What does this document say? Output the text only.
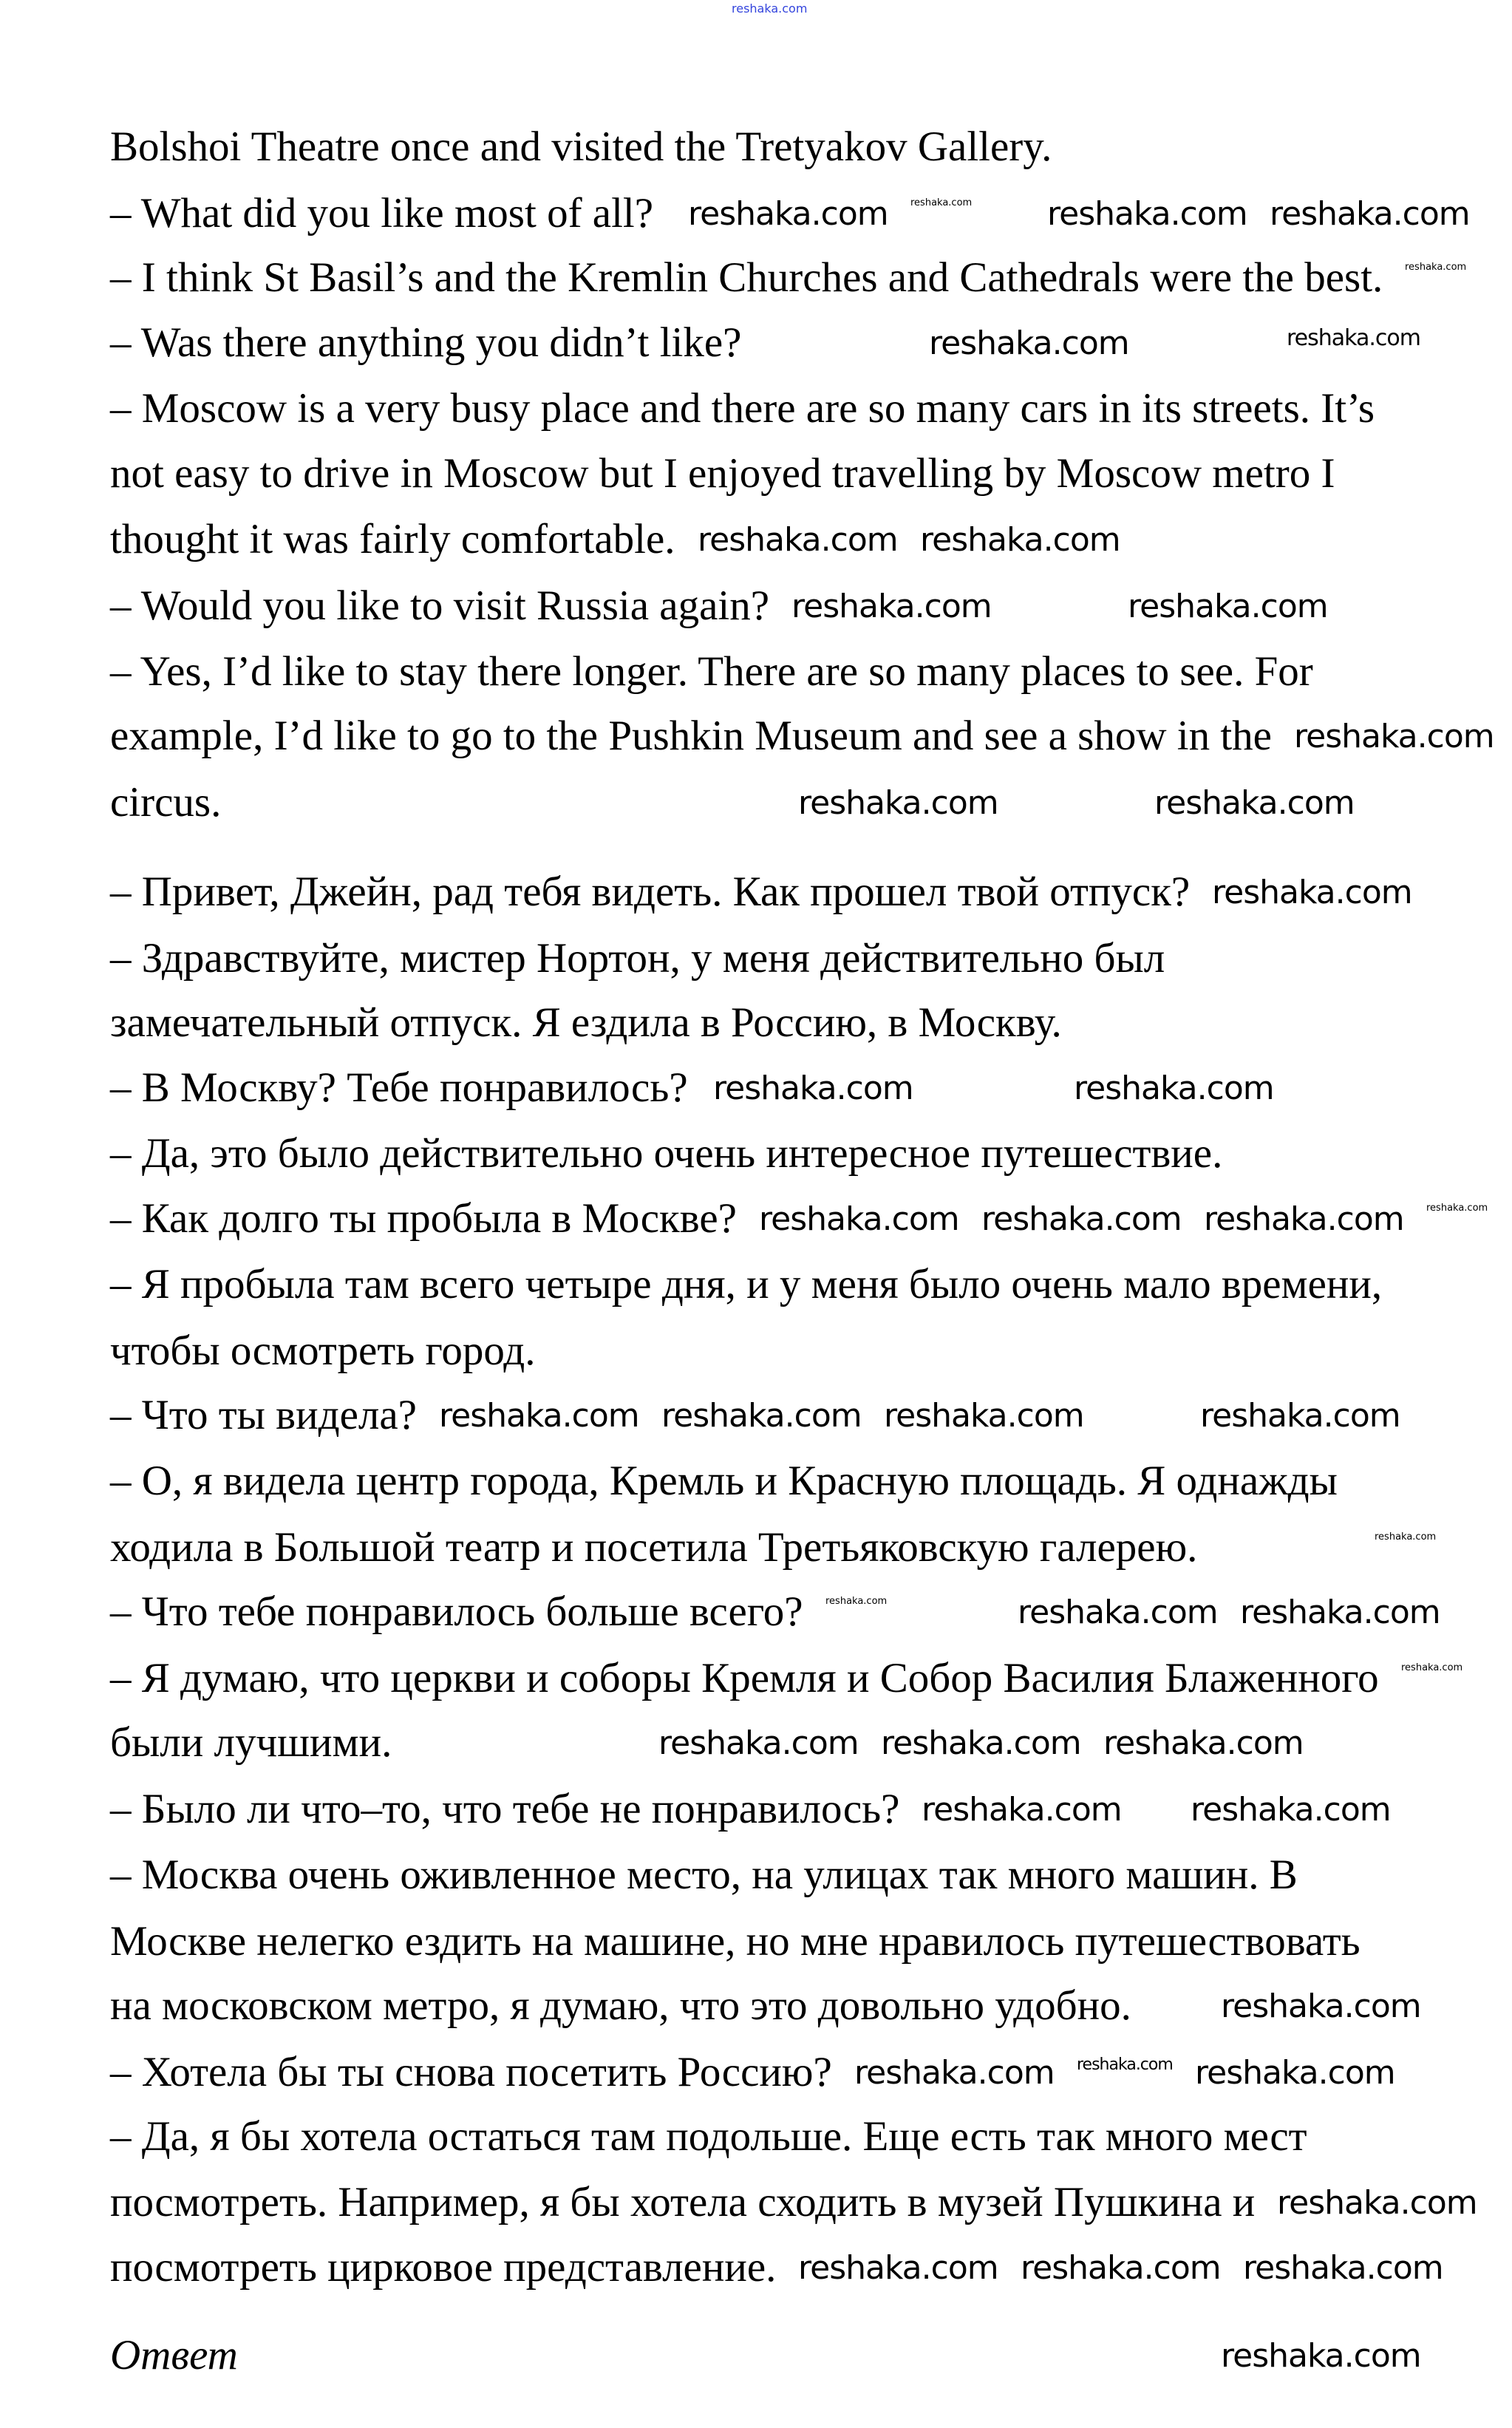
reshaka.com
Bolshoi Theatre once and visited the Tretyakov Gallery.
– What did you like most of all?
– I think St Basil’s and the Kremlin Churches and Cathedrals were the best.
– Was there anything you didn’t like?
– Moscow is a very busy place and there are so many cars in its streets. It’s
not easy to drive in Moscow but I enjoyed travelling by Moscow metro I
thought it was fairly comfortable.
– Would you like to visit Russia again?
– Yes, I’d like to stay there longer. There are so many places to see. For
example, I’d like to go to the Pushkin Museum and see a show in the
circus.
– Привет, Джейн, рад тебя видеть. Как прошел твой отпуск?
– Здравствуйте, мистер Нортон, у меня действительно был
замечательный отпуск. Я ездила в Россию, в Москву.
– В Москву? Тебе понравилось?
– Да, это было действительно очень интересное путешествие.
– Как долго ты пробыла в Москве?
– Я пробыла там всего четыре дня, и у меня было очень мало времени,
чтобы осмотреть город.
– Что ты видела?
– О, я видела центр города, Кремль и Красную площадь. Я однажды
ходила в Большой театр и посетила Третьяковскую галерею.
– Что тебе понравилось больше всего?
– Я думаю, что церкви и соборы Кремля и Собор Василия Блаженного
были лучшими.
– Было ли что–то, что тебе не понравилось?
– Москва очень оживленное место, на улицах так много машин. В
Москве нелегко ездить на машине, но мне нравилось путешествовать
на московском метро, я думаю, что это довольно удобно.
– Хотела бы ты снова посетить Россию?
– Да, я бы хотела остаться там подольше. Еще есть так много мест
посмотреть. Например, я бы хотела сходить в музей Пушкина и
посмотреть цирковое представление.
Ответ
reshaka.com	reshaka.com reshaka.com
reshaka.com	reshaka.com
reshaka.com reshaka.com
reshaka.com
reshaka.com
reshaka.com
reshaka.com
reshaka.com
reshaka.com
reshaka.com	reshaka.com
reshaka.com reshaka.com reshaka.com
reshaka.com reshaka.com reshaka.com	reshaka.com
reshaka.com reshaka.com
reshaka.com
reshaka.com
reshaka.com
reshaka.com reshaka.com
reshaka.com
reshaka.com reshaka.com reshaka.com
reshaka.com
reshaka.com reshaka.com reshaka.com
reshaka.com
reshaka.com
reshaka.com
reshaka.com
reshaka.com
reshaka.com
reshaka.com
